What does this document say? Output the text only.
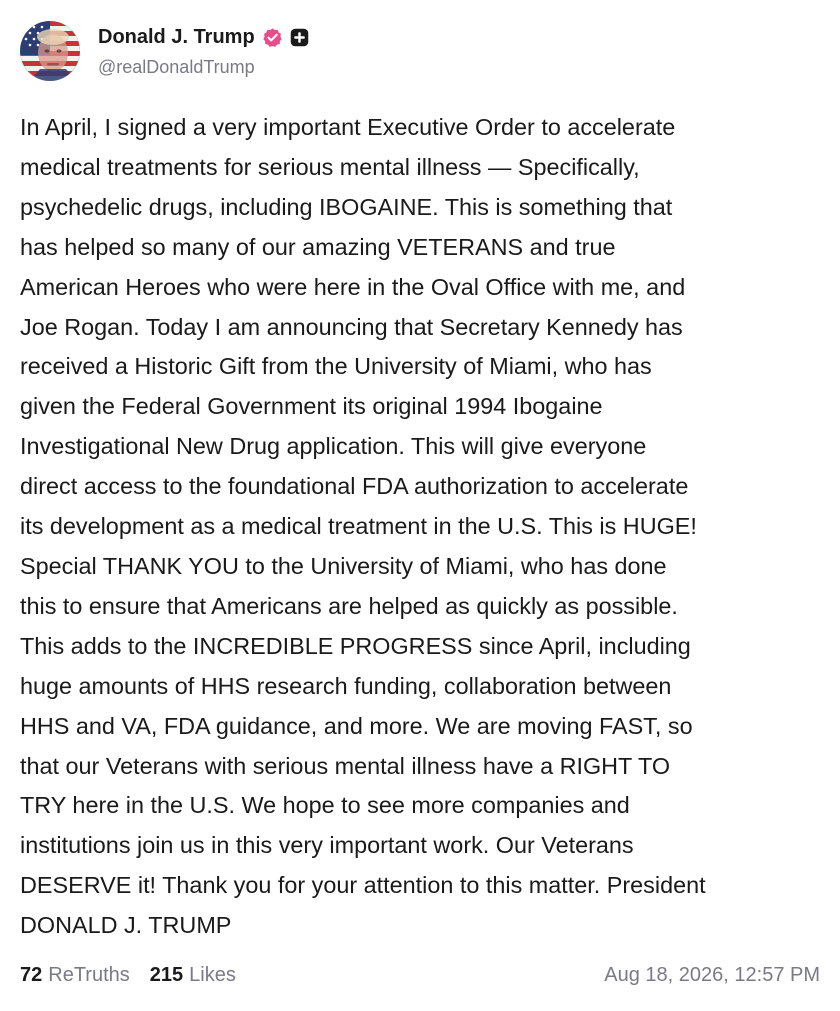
Donald J. Trump
@realDonaldTrump

In April, I signed a very important Executive Order to accelerate
medical treatments for serious mental illness — Specifically,
psychedelic drugs, including IBOGAINE. This is something that
has helped so many of our amazing VETERANS and true
American Heroes who were here in the Oval Office with me, and
Joe Rogan. Today I am announcing that Secretary Kennedy has
received a Historic Gift from the University of Miami, who has
given the Federal Government its original 1994 Ibogaine
Investigational New Drug application. This will give everyone
direct access to the foundational FDA authorization to accelerate
its development as a medical treatment in the U.S. This is HUGE!
Special THANK YOU to the University of Miami, who has done
this to ensure that Americans are helped as quickly as possible.
This adds to the INCREDIBLE PROGRESS since April, including
huge amounts of HHS research funding, collaboration between
HHS and VA, FDA guidance, and more. We are moving FAST, so
that our Veterans with serious mental illness have a RIGHT TO
TRY here in the U.S. We hope to see more companies and
institutions join us in this very important work. Our Veterans
DESERVE it! Thank you for your attention to this matter. President
DONALD J. TRUMP

72 ReTruths 215 Likes	Aug 18, 2026, 12:57 PM
